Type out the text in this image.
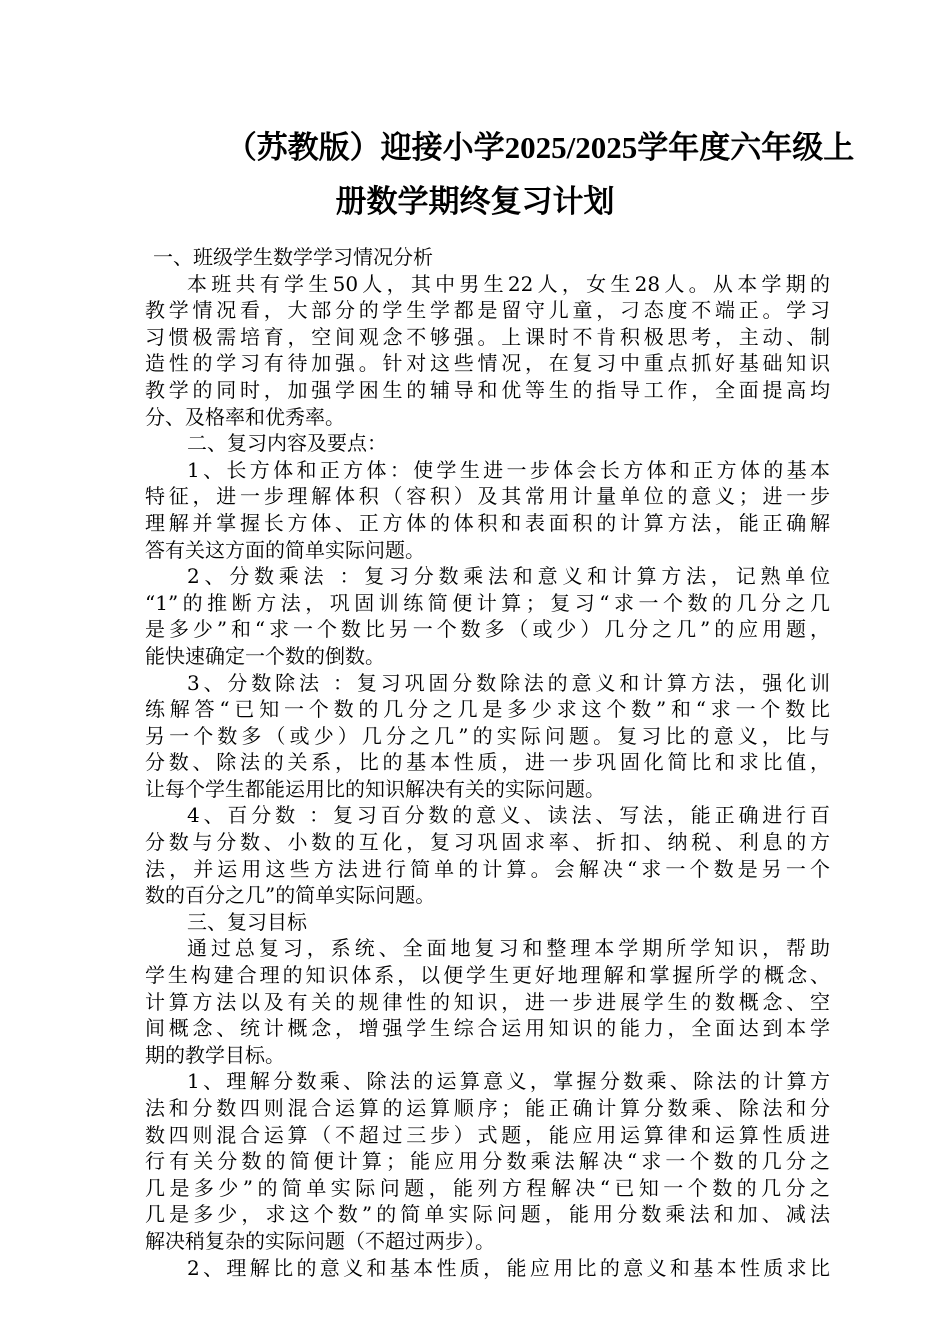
（苏教版）迎接小学2025/2025学年度六年级上
册数学期终复习计划
一、班级学生数学学习情况分析
本班共有学生50人，其中男生22人，女生28人。从本学期的
教学情况看，大部分的学生学都是留守儿童，刁态度不端正。学习
习惯极需培育，空间观念不够强。上课时不肯积极思考，主动、制
造性的学习有待加强。针对这些情况，在复习中重点抓好基础知识
教学的同时，加强学困生的辅导和优等生的指导工作，全面提高均
分、及格率和优秀率。
二、复习内容及要点：
1、长方体和正方体：使学生进一步体会长方体和正方体的基本
特征，进一步理解体积（容积）及其常用计量单位的意义；进一步
理解并掌握长方体、正方体的体积和表面积的计算方法，能正确解
答有关这方面的简单实际问题。
2、分数乘法 ：复习分数乘法和意义和计算方法，记熟单位
“1”的推断方法，巩固训练简便计算；复习“求一个数的几分之几
是多少”和“求一个数比另一个数多（或少）几分之几”的应用题，
能快速确定一个数的倒数。
3、分数除法 ：复习巩固分数除法的意义和计算方法，强化训
练解答“已知一个数的几分之几是多少求这个数”和“求一个数比
另一个数多（或少）几分之几”的实际问题。复习比的意义，比与
分数、除法的关系，比的基本性质，进一步巩固化简比和求比值，
让每个学生都能运用比的知识解决有关的实际问题。
4、百分数 ：复习百分数的意义、读法、写法，能正确进行百
分数与分数、小数的互化，复习巩固求率、折扣、纳税、利息的方
法，并运用这些方法进行简单的计算。会解决“求一个数是另一个
数的百分之几”的简单实际问题。
三、复习目标
通过总复习，系统、全面地复习和整理本学期所学知识，帮助
学生构建合理的知识体系，以便学生更好地理解和掌握所学的概念、
计算方法以及有关的规律性的知识，进一步进展学生的数概念、空
间概念、统计概念，增强学生综合运用知识的能力，全面达到本学
期的教学目标。
1、理解分数乘、除法的运算意义，掌握分数乘、除法的计算方
法和分数四则混合运算的运算顺序；能正确计算分数乘、除法和分
数四则混合运算（不超过三步）式题，能应用运算律和运算性质进
行有关分数的简便计算；能应用分数乘法解决“求一个数的几分之
几是多少”的简单实际问题，能列方程解决“已知一个数的几分之
几是多少，求这个数”的简单实际问题，能用分数乘法和加、减法
解决稍复杂的实际问题（不超过两步）。
2、理解比的意义和基本性质，能应用比的意义和基本性质求比
